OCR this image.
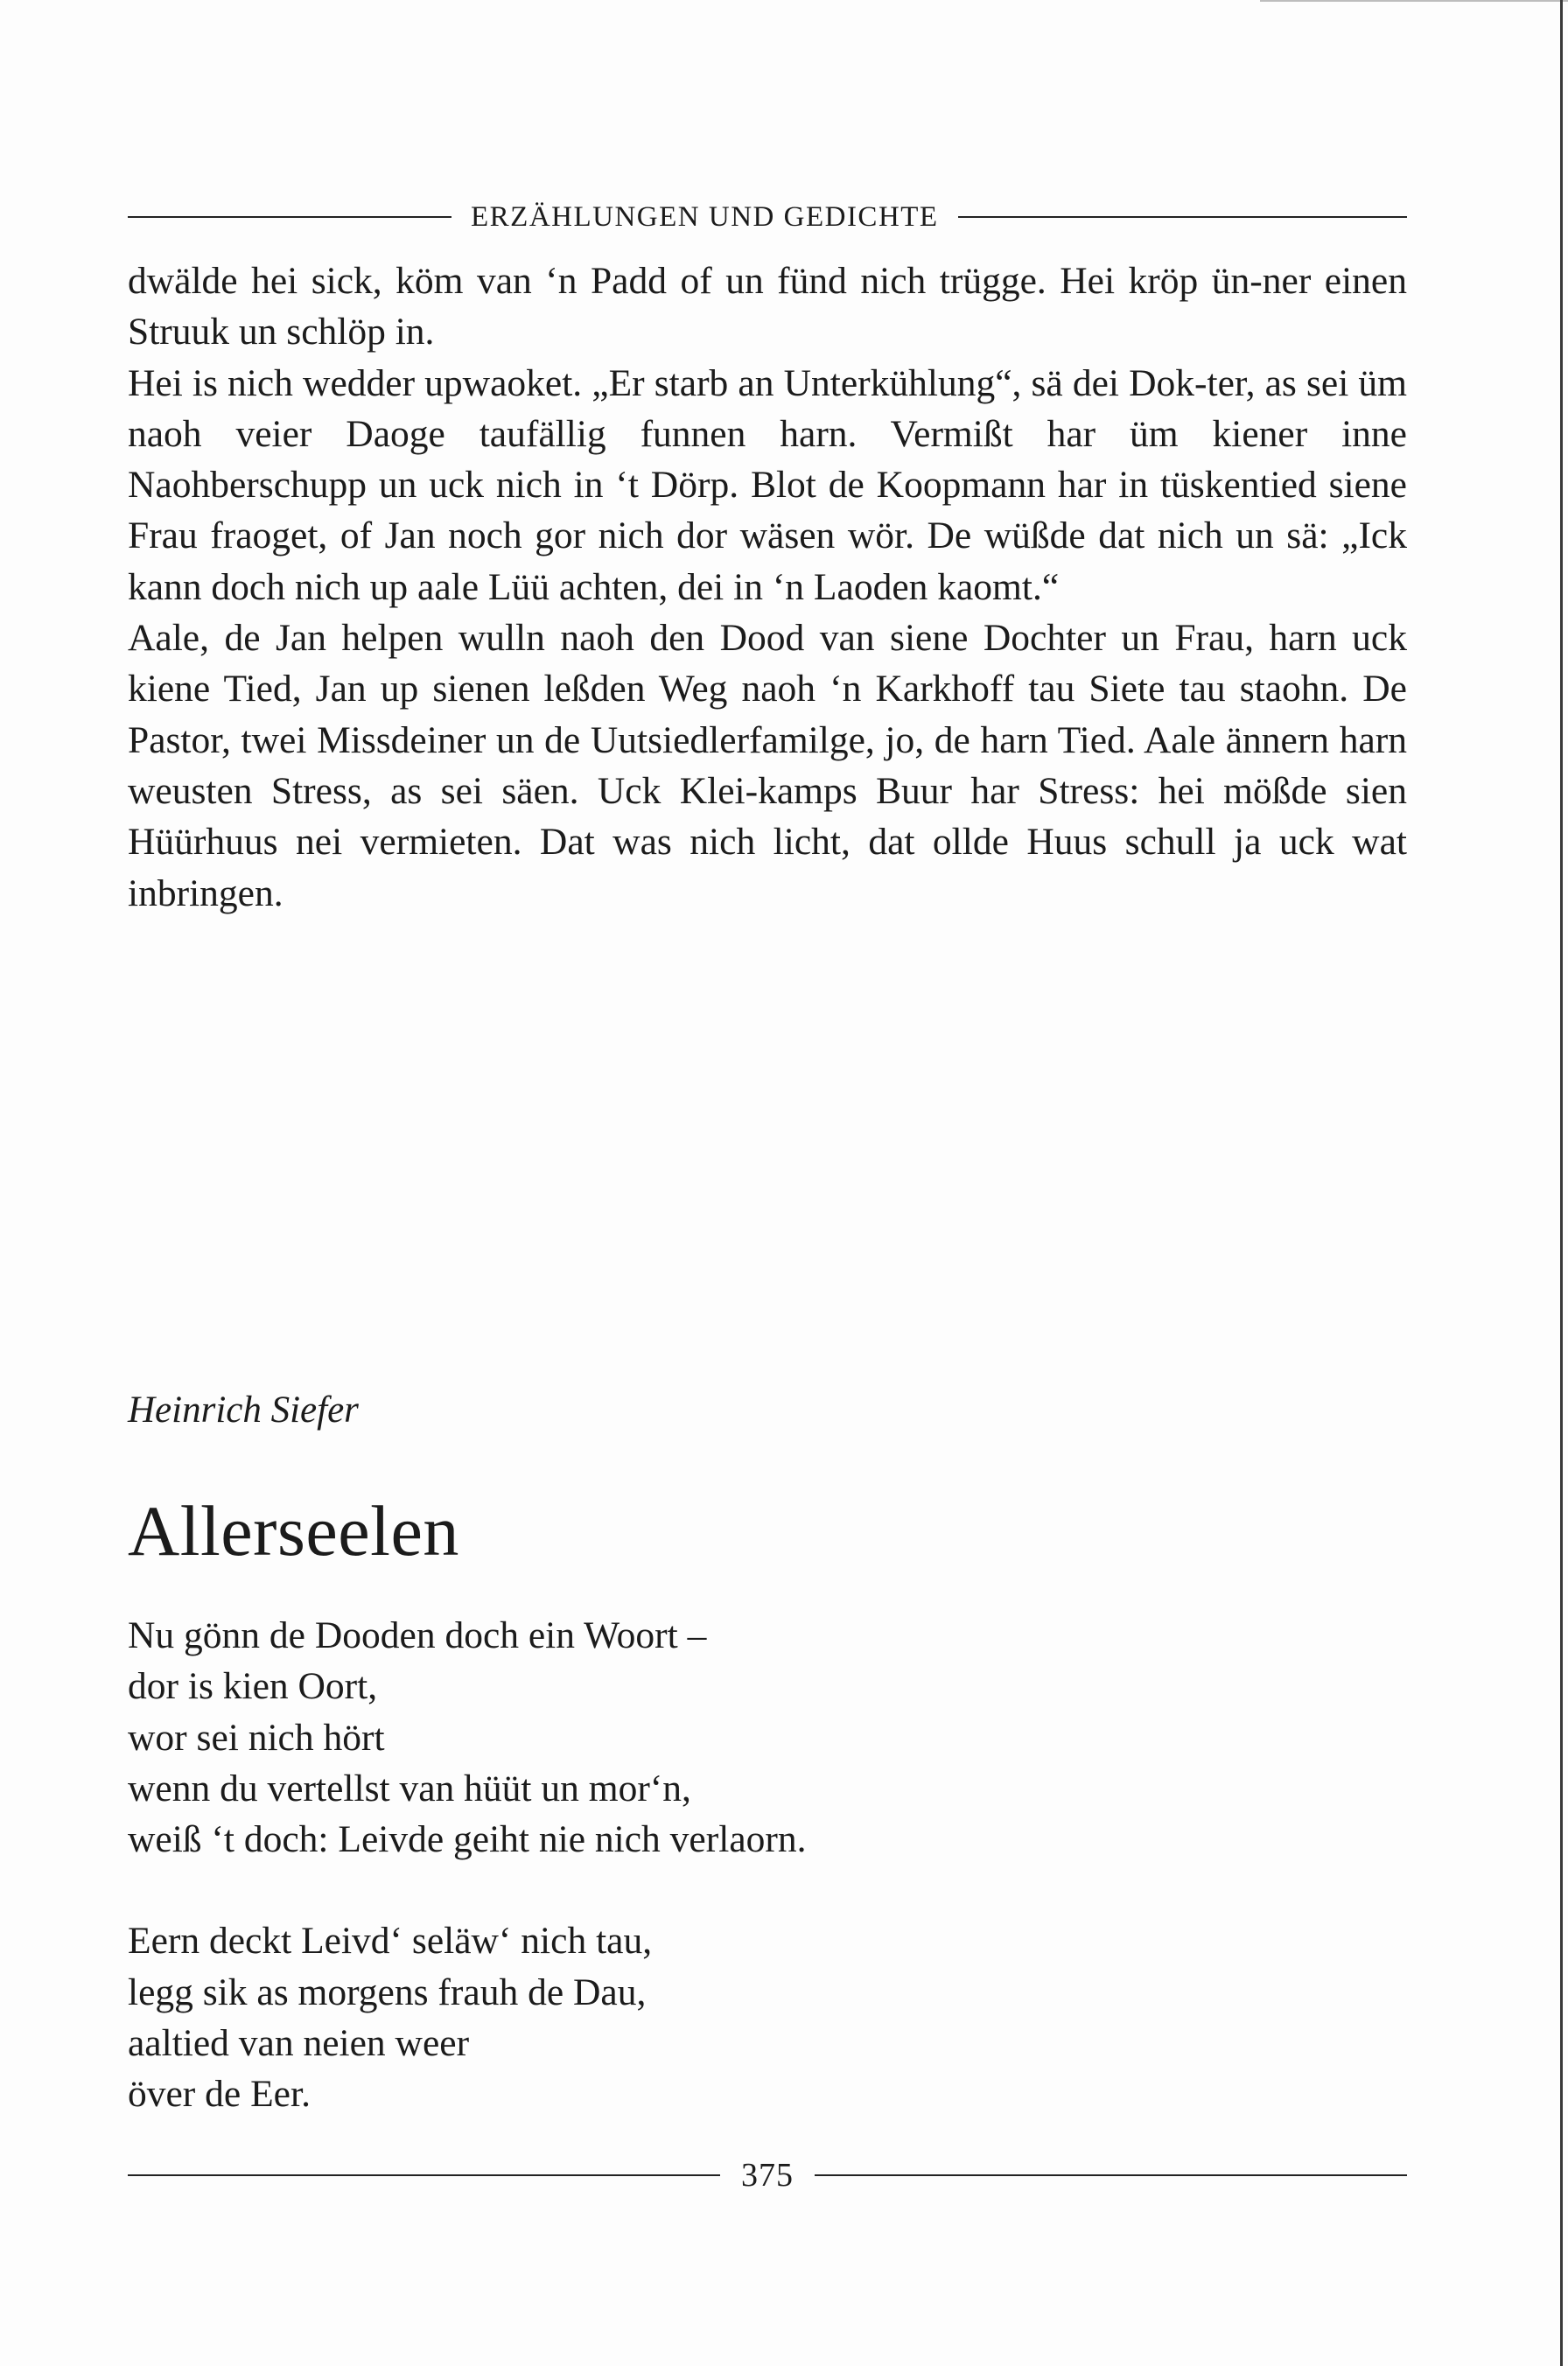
ERZÄHLUNGEN UND GEDICHTE

dwälde hei sick, köm van ‘n Padd of un fünd nich trügge. Hei kröp ün-ner einen Struuk un schlöp in.

Hei is nich wedder upwaoket. „Er starb an Unterkühlung“, sä dei Dok-ter, as sei üm naoh veier Daoge taufällig funnen harn. Vermißt har üm kiener inne Naohberschupp un uck nich in ‘t Dörp. Blot de Koopmann har in tüskentied siene Frau fraoget, of Jan noch gor nich dor wäsen wör. De wüßde dat nich un sä: „Ick kann doch nich up aale Lüü achten, dei in ‘n Laoden kaomt.“

Aale, de Jan helpen wulln naoh den Dood van siene Dochter un Frau, harn uck kiene Tied, Jan up sienen leßden Weg naoh ‘n Karkhoff tau Siete tau staohn. De Pastor, twei Missdeiner un de Uutsiedlerfamilge, jo, de harn Tied. Aale ännern harn weusten Stress, as sei säen. Uck Klei-kamps Buur har Stress: hei mößde sien Hüürhuus nei vermieten. Dat was nich licht, dat ollde Huus schull ja uck wat inbringen.

Heinrich Siefer
Allerseelen
Nu gönn de Dooden doch ein Woort –
dor is kien Oort,
wor sei nich hört
wenn du vertellst van hüüt un mor‘n,
weiß ‘t doch: Leivde geiht nie nich verlaorn.
Eern deckt Leivd‘ seläw‘ nich tau,
legg sik as morgens frauh de Dau,
aaltied van neien weer
över de Eer.
375
